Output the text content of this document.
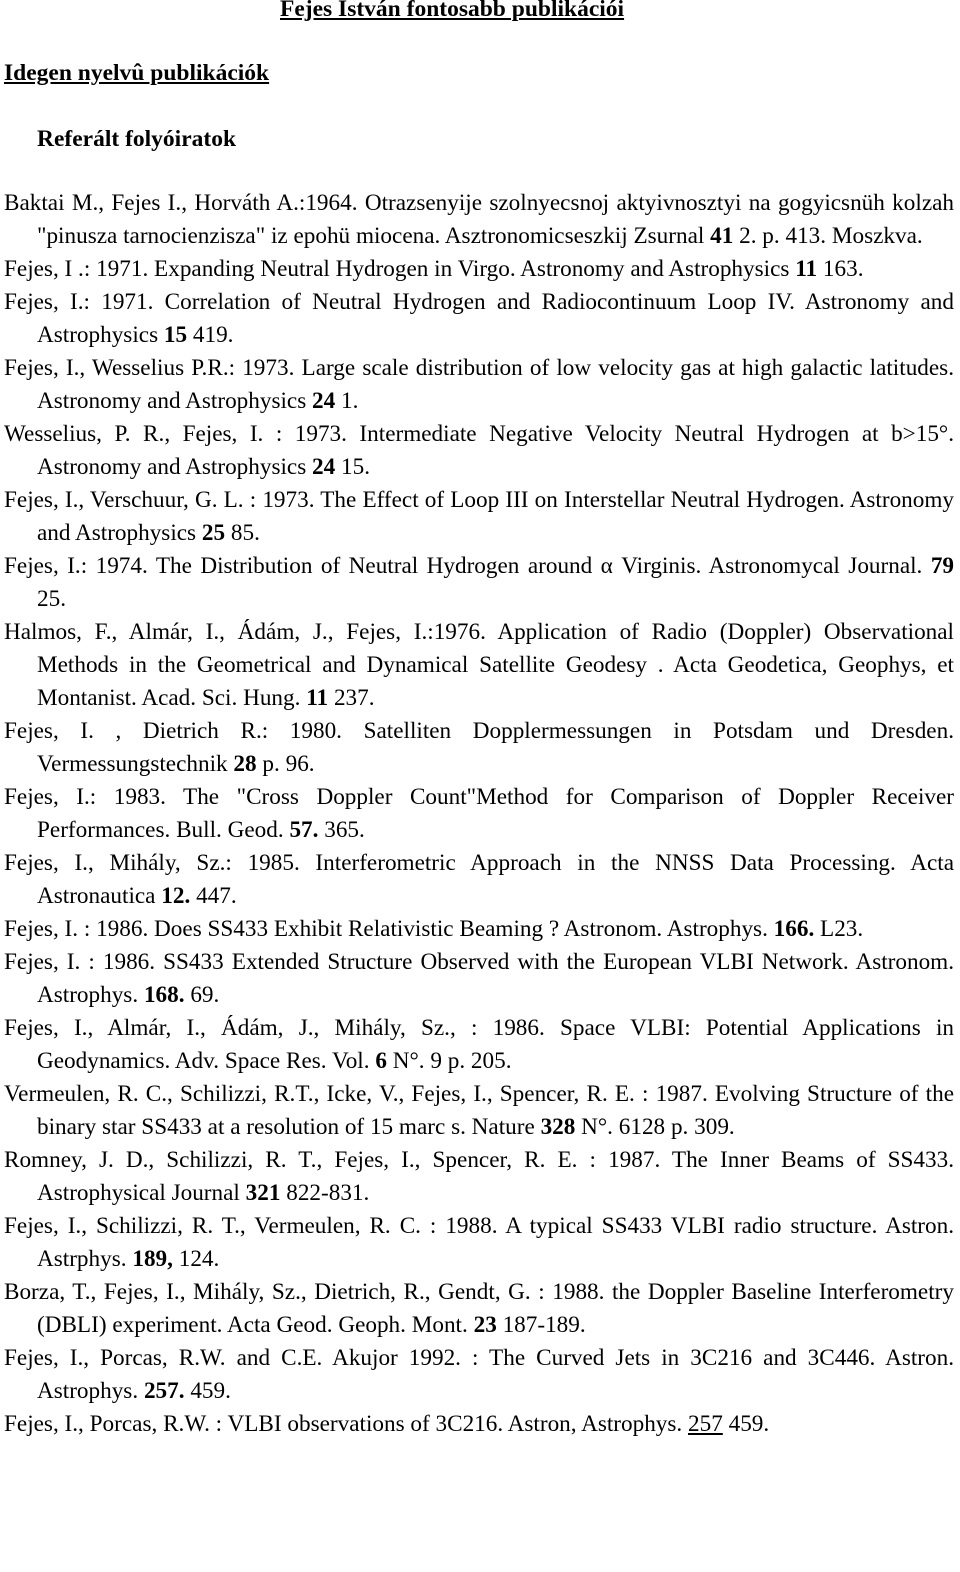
Fejes István fontosabb publikációi
Idegen nyelvû publikációk
Referált folyóiratok
Baktai M., Fejes I., Horváth A.:1964. Otrazsenyije szolnyecsnoj aktyivnosztyi na gogyicsnüh kolzah "pinusza tarnocienzisza" iz epohü miocena. Asztronomicseszkij Zsurnal 41 2. p. 413. Moszkva.
Fejes, I .: 1971. Expanding Neutral Hydrogen in Virgo. Astronomy and Astrophysics 11 163.
Fejes, I.: 1971. Correlation of Neutral Hydrogen and Radiocontinuum Loop IV. Astronomy and Astrophysics 15 419.
Fejes, I., Wesselius P.R.: 1973. Large scale distribution of low velocity gas at high galactic latitudes. Astronomy and Astrophysics 24 1.
Wesselius, P. R., Fejes, I. : 1973. Intermediate Negative Velocity Neutral Hydrogen at b>15°. Astronomy and Astrophysics 24 15.
Fejes, I., Verschuur, G. L. : 1973. The Effect of Loop III on Interstellar Neutral Hydrogen. Astronomy and Astrophysics 25 85.
Fejes, I.: 1974. The Distribution of Neutral Hydrogen around α Virginis. Astronomycal Journal. 79 25.
Halmos, F., Almár, I., Ádám, J., Fejes, I.:1976. Application of Radio (Doppler) Observational Methods in the Geometrical and Dynamical Satellite Geodesy . Acta Geodetica, Geophys, et Montanist. Acad. Sci. Hung. 11 237.
Fejes, I. , Dietrich R.: 1980. Satelliten Dopplermessungen in Potsdam und Dresden. Vermessungstechnik 28 p. 96.
Fejes, I.: 1983. The "Cross Doppler Count"Method for Comparison of Doppler Receiver Performances. Bull. Geod. 57. 365.
Fejes, I., Mihály, Sz.: 1985. Interferometric Approach in the NNSS Data Processing. Acta Astronautica 12. 447.
Fejes, I. : 1986. Does SS433 Exhibit Relativistic Beaming ? Astronom. Astrophys. 166. L23.
Fejes, I. : 1986. SS433 Extended Structure Observed with the European VLBI Network. Astronom. Astrophys. 168. 69.
Fejes, I., Almár, I., Ádám, J., Mihály, Sz., : 1986. Space VLBI: Potential Applications in Geodynamics. Adv. Space Res. Vol. 6 N°. 9 p. 205.
Vermeulen, R. C., Schilizzi, R.T., Icke, V., Fejes, I., Spencer, R. E. : 1987. Evolving Structure of the binary star SS433 at a resolution of 15 marc s. Nature 328 N°. 6128 p. 309.
Romney, J. D., Schilizzi, R. T., Fejes, I., Spencer, R. E. : 1987. The Inner Beams of SS433. Astrophysical Journal 321 822-831.
Fejes, I., Schilizzi, R. T., Vermeulen, R. C. : 1988. A typical SS433 VLBI radio structure. Astron. Astrphys. 189, 124.
Borza, T., Fejes, I., Mihály, Sz., Dietrich, R., Gendt, G. : 1988. the Doppler Baseline Interferometry (DBLI) experiment. Acta Geod. Geoph. Mont. 23 187-189.
Fejes, I., Porcas, R.W. and C.E. Akujor 1992. : The Curved Jets in 3C216 and 3C446. Astron. Astrophys. 257. 459.
Fejes, I., Porcas, R.W. : VLBI observations of 3C216. Astron, Astrophys. 257 459.
